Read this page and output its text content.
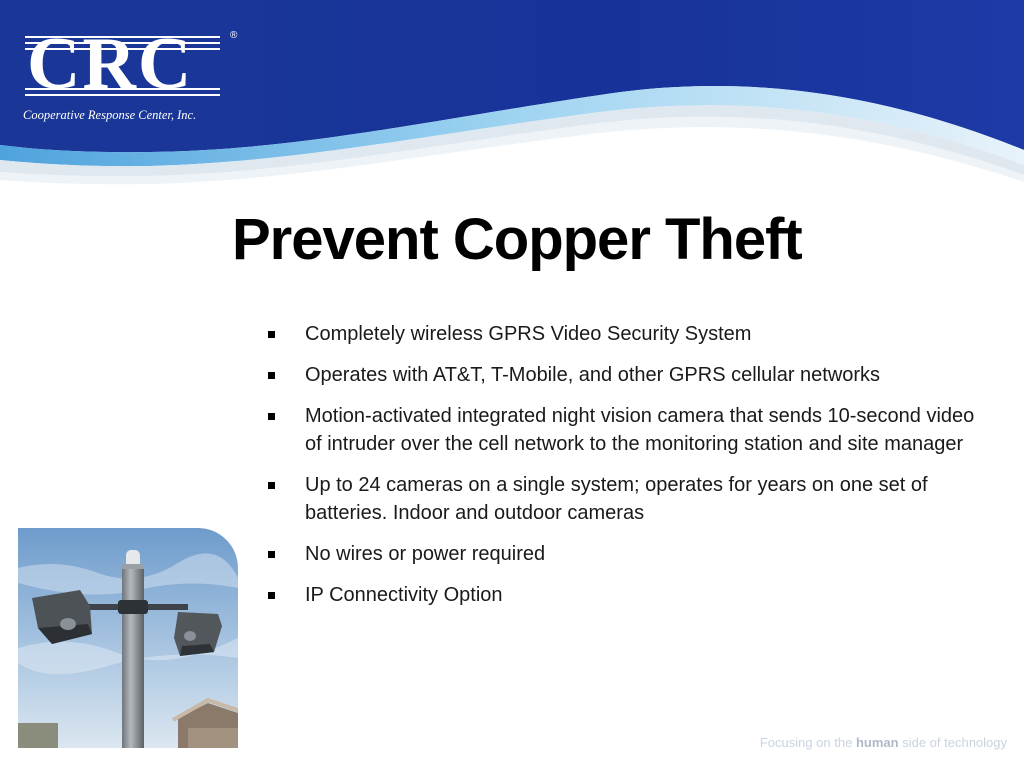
CRC	®
Cooperative Response Center, Inc.
Prevent Copper Theft
Completely wireless GPRS Video Security System
Operates with AT&T, T-Mobile, and other GPRS cellular networks
Motion-activated integrated night vision camera that sends 10-second video of intruder over the cell network to the monitoring station and site manager
Up to 24 cameras on a single system; operates for years on one set of batteries. Indoor and outdoor cameras
No wires or power required
IP Connectivity Option
Focusing on the human side of technology
